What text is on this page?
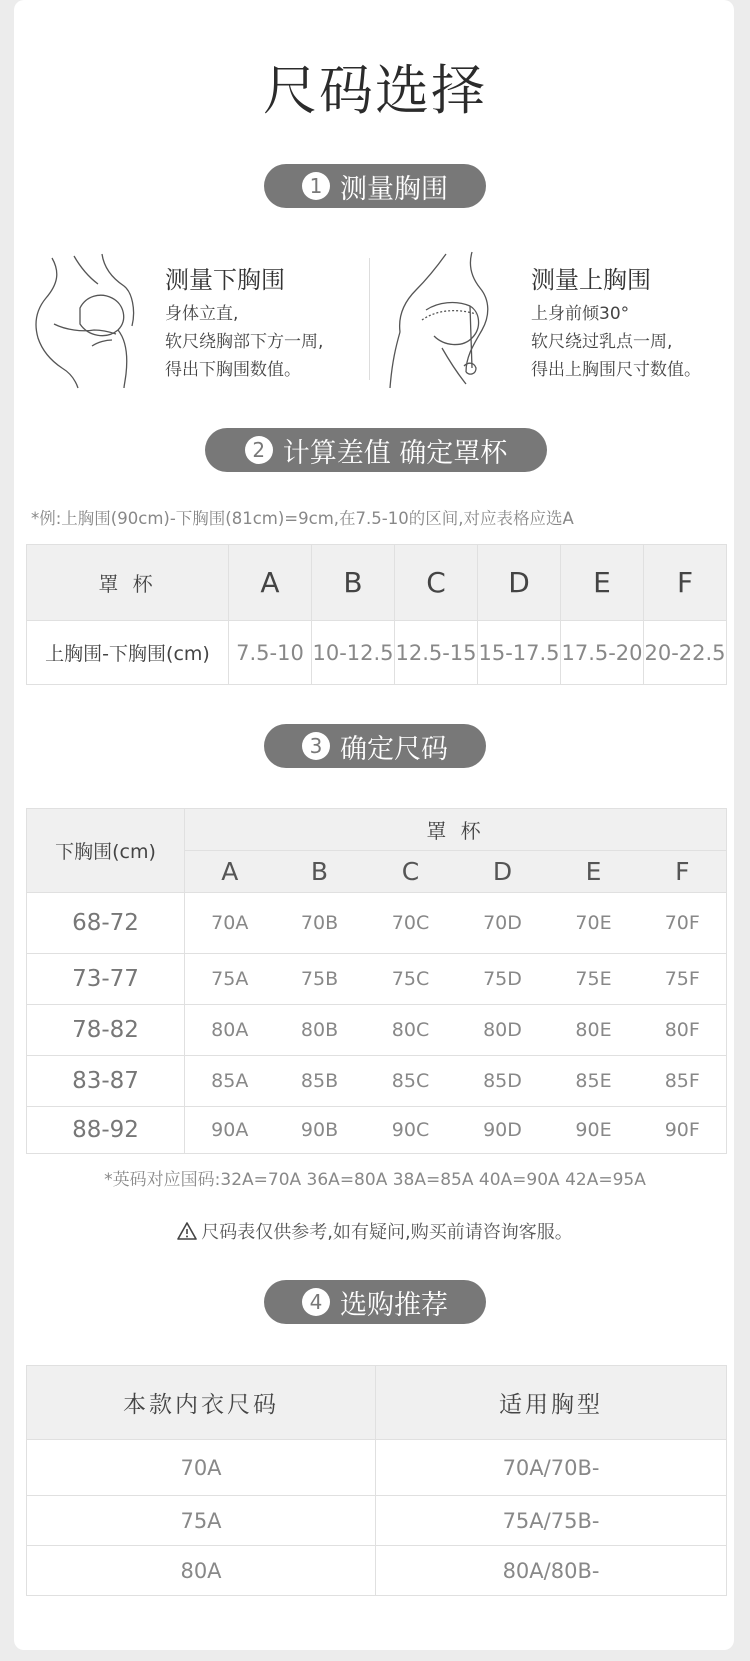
尺码选择
1 测量胸围
测量下胸围
身体立直,
软尺绕胸部下方一周,
得出下胸围数值。
测量上胸围
上身前倾30°
软尺绕过乳点一周,
得出上胸围尺寸数值。
2 计算差值 确定罩杯
*例:上胸围(90cm)-下胸围(81cm)=9cm,在7.5-10的区间,对应表格应选A
罩 杯	A	B	C	D	E	F
上胸围-下胸围(cm)	7.5-10	10-12.5	12.5-15	15-17.5	17.5-20	20-22.5
3 确定尺码
下胸围(cm)	罩 杯					
	A	B	C	D	E	F
68-72	70A	70B	70C	70D	70E	70F
73-77	75A	75B	75C	75D	75E	75F
78-82	80A	80B	80C	80D	80E	80F
83-87	85A	85B	85C	85D	85E	85F
88-92	90A	90B	90C	90D	90E	90F
*英码对应国码:32A=70A 36A=80A 38A=85A 40A=90A 42A=95A
尺码表仅供参考,如有疑问,购买前请咨询客服。
4 选购推荐
本款内衣尺码	适用胸型
70A	70A/70B-
75A	75A/75B-
80A	80A/80B-
